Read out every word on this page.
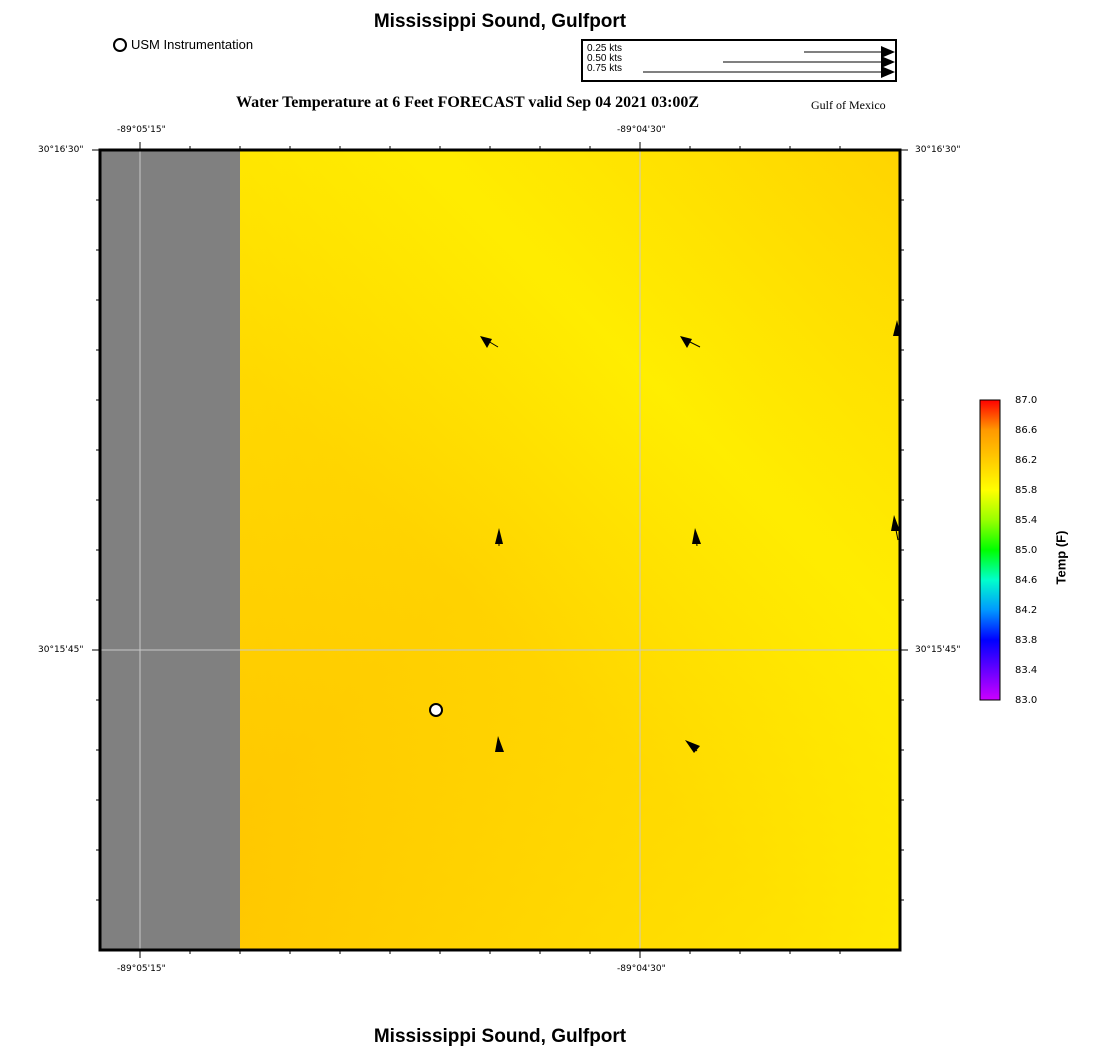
Mississippi Sound, Gulfport
USM Instrumentation	0.25 kts
0.50 kts
0.75 kts
Water Temperature at 6 Feet FORECAST valid Sep 04 2021 03:00Z	Gulf of Mexico
-89°05'15"	-89°04'30"
-89°05'15"	-89°04'30"
30°16'30"
30°15'45"
30°16'30"
30°15'45"
87.0
86.6
86.2
85.8
85.4
85.0
84.6
84.2
83.8
83.4
83.0
Temp (F)
Mississippi Sound, Gulfport
